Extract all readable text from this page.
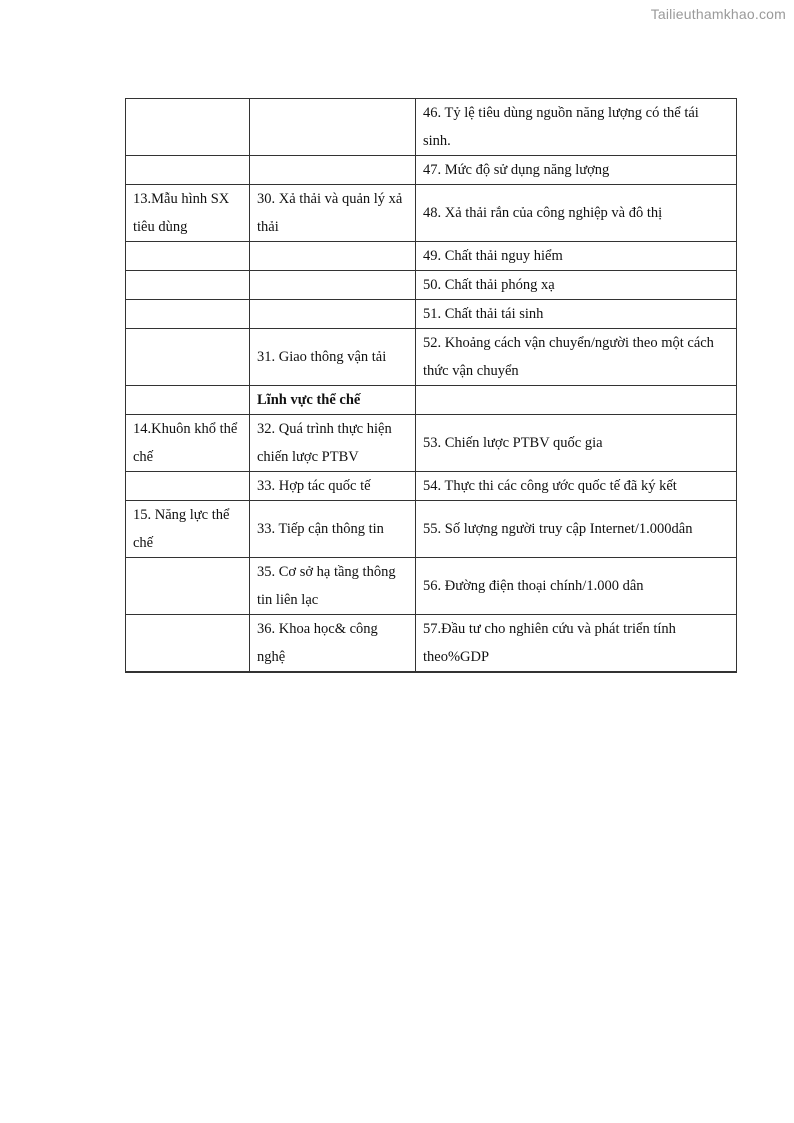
Tailieuthamkhao.com
		46. Tỷ lệ tiêu dùng nguồn năng lượng có thể tái sinh.
		47. Mức độ sử dụng năng lượng
13.Mẫu hình SX tiêu dùng	30. Xả thải và quản lý xả thải	48. Xả thải rắn của công nghiệp và đô thị
		49. Chất thải nguy hiểm
		50. Chất thải phóng xạ
		51. Chất thải tái sinh
	31. Giao thông vận tải	52. Khoảng cách vận chuyển/người theo một cách thức vận chuyển
	Lĩnh vực thể chế	
14.Khuôn khổ thể chế	32. Quá trình thực hiện chiến lược PTBV	53. Chiến lược PTBV quốc gia
	33. Hợp tác quốc tế	54. Thực thi các công ước quốc tế đã ký kết
15. Năng lực thể chế	33. Tiếp cận thông tin	55. Số lượng người truy cập Internet/1.000dân
	35. Cơ sở hạ tầng thông tin liên lạc	56. Đường điện thoại chính/1.000 dân
	36. Khoa học& công nghệ	57.Đầu tư cho nghiên cứu và phát triển tính theo%GDP
